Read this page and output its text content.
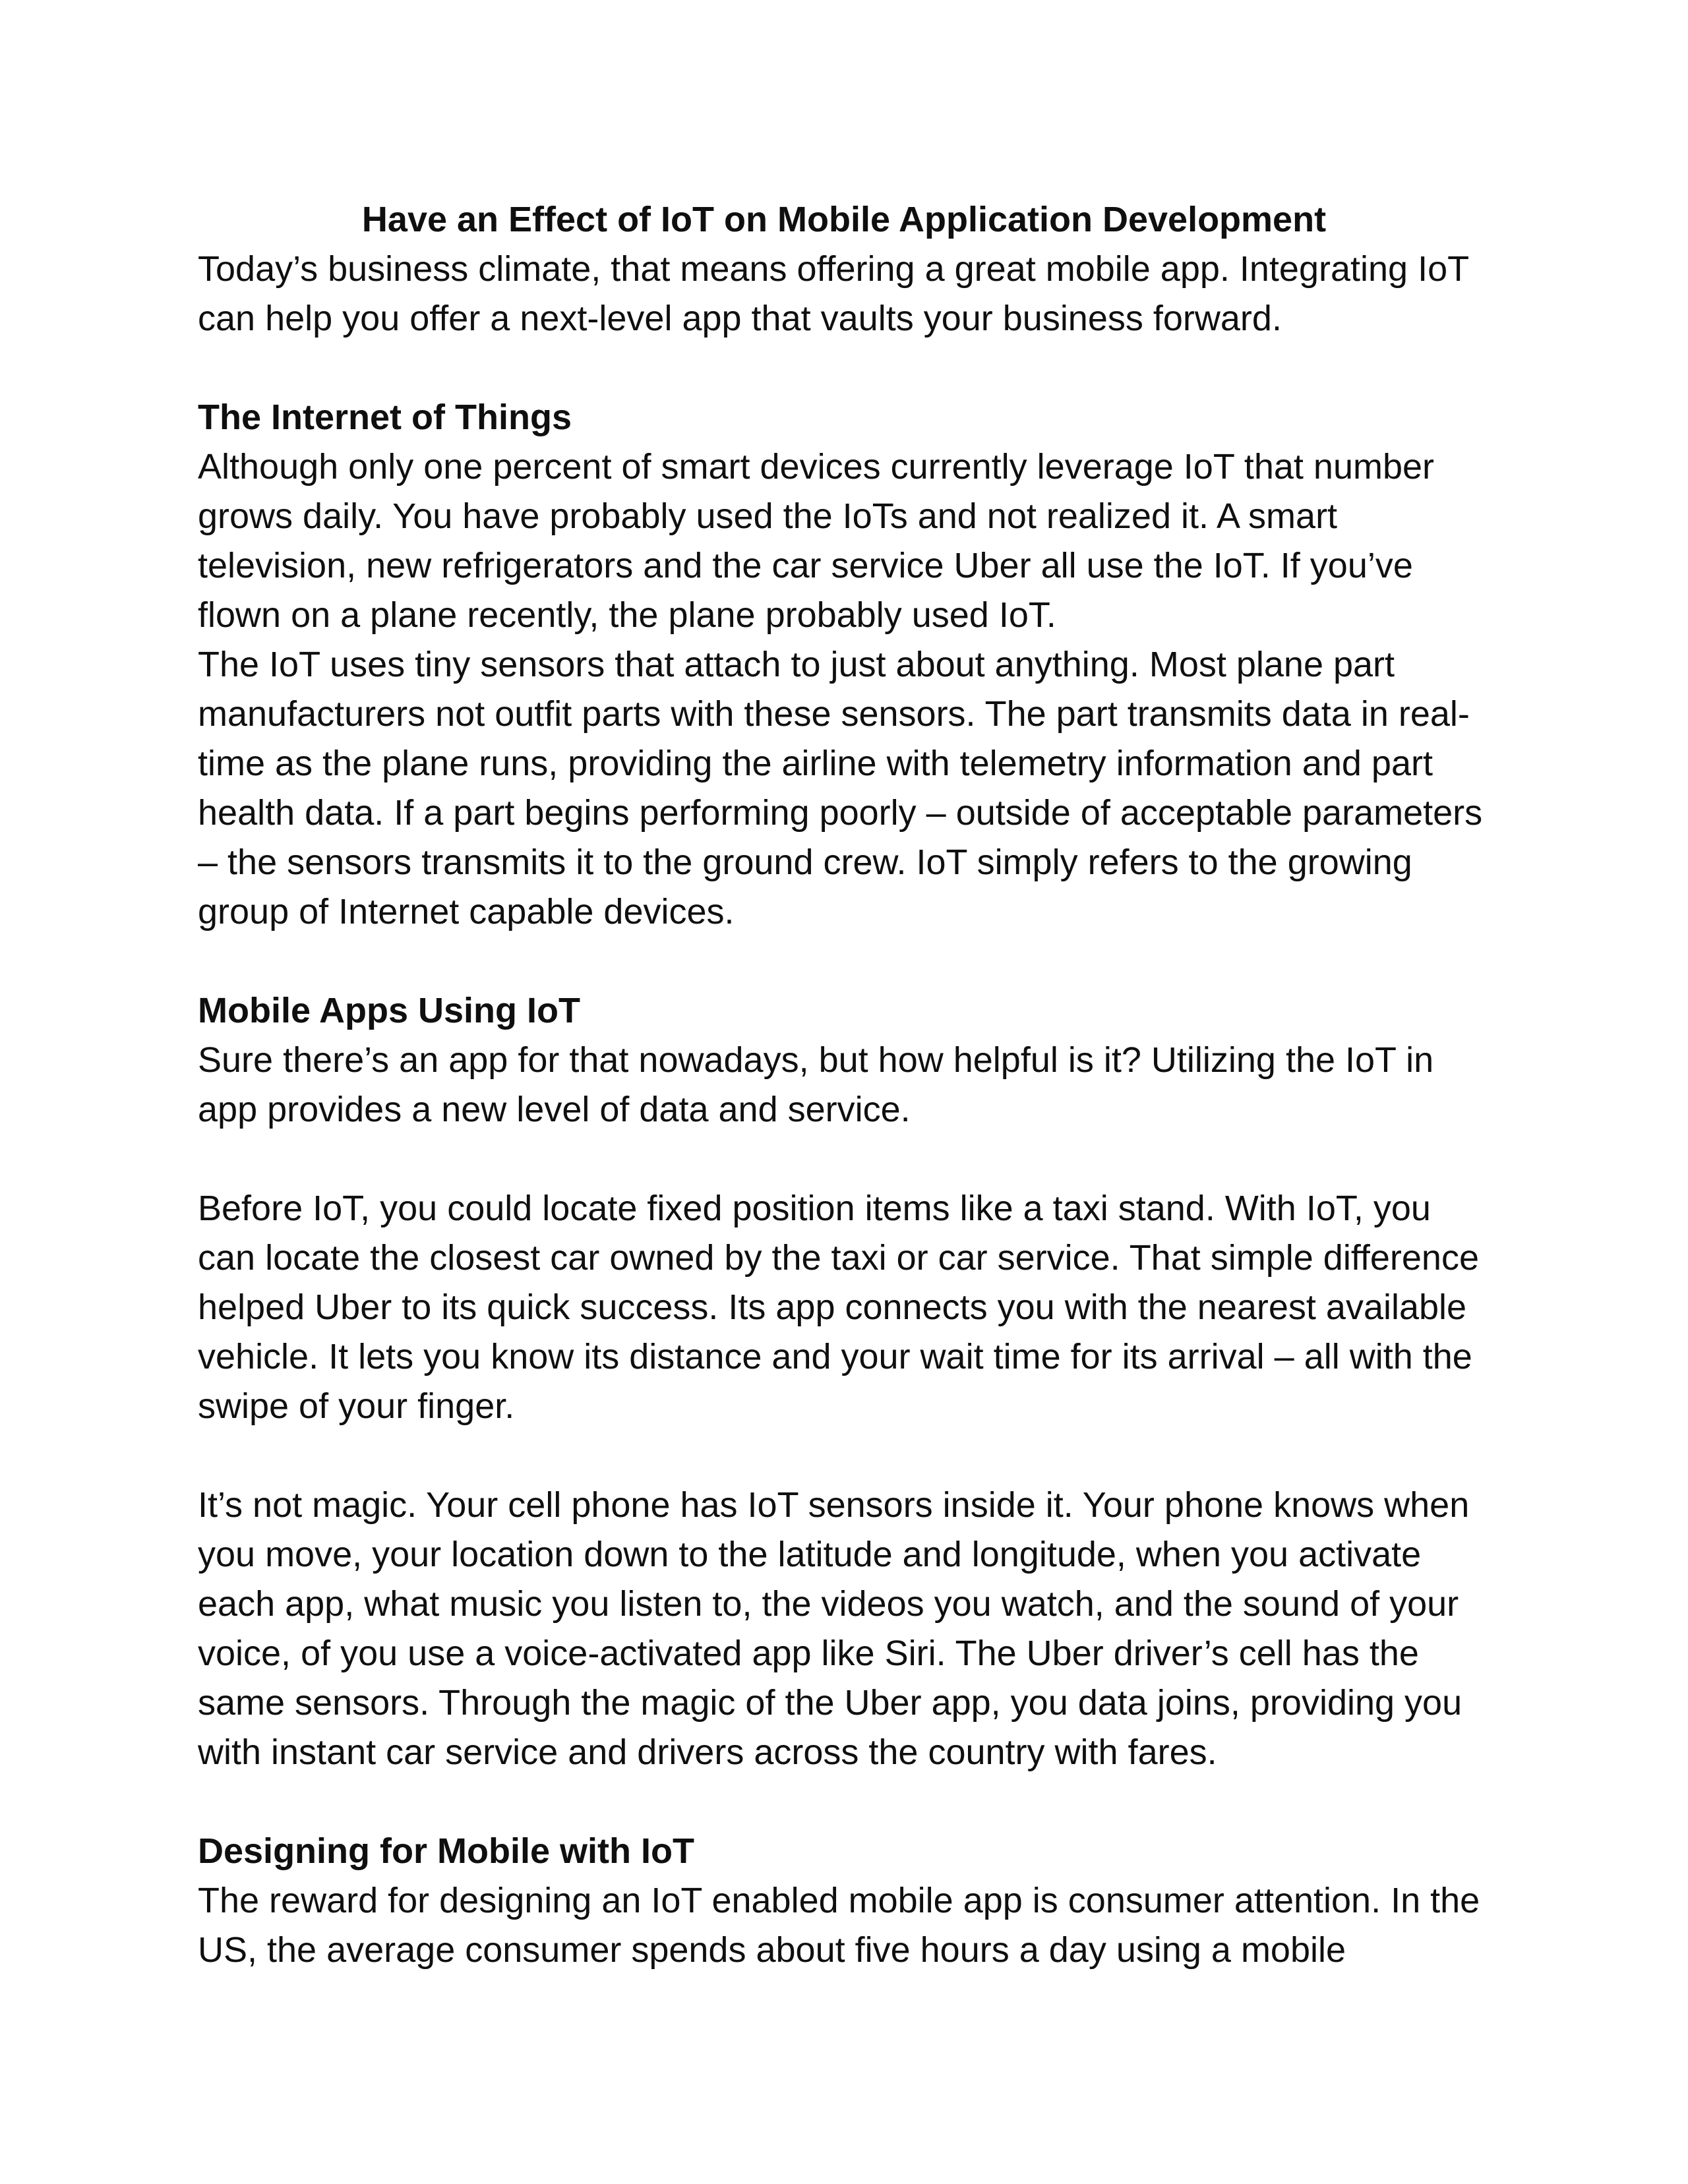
Have an Effect of IoT on Mobile Application Development

Today’s business climate, that means offering a great mobile app. Integrating IoT can help you offer a next-level app that vaults your business forward.

The Internet of Things

Although only one percent of smart devices currently leverage IoT that number grows daily. You have probably used the IoTs and not realized it. A smart television, new refrigerators and the car service Uber all use the IoT. If you’ve flown on a plane recently, the plane probably used IoT.

The IoT uses tiny sensors that attach to just about anything. Most plane part manufacturers not outfit parts with these sensors. The part transmits data in real-time as the plane runs, providing the airline with telemetry information and part health data. If a part begins performing poorly – outside of acceptable parameters – the sensors transmits it to the ground crew. IoT simply refers to the growing group of Internet capable devices.

Mobile Apps Using IoT

Sure there’s an app for that nowadays, but how helpful is it? Utilizing the IoT in app provides a new level of data and service.

Before IoT, you could locate fixed position items like a taxi stand. With IoT, you can locate the closest car owned by the taxi or car service. That simple difference helped Uber to its quick success. Its app connects you with the nearest available vehicle. It lets you know its distance and your wait time for its arrival – all with the swipe of your finger.

It’s not magic. Your cell phone has IoT sensors inside it. Your phone knows when you move, your location down to the latitude and longitude, when you activate each app, what music you listen to, the videos you watch, and the sound of your voice, of you use a voice-activated app like Siri. The Uber driver’s cell has the same sensors. Through the magic of the Uber app, you data joins, providing you with instant car service and drivers across the country with fares.

Designing for Mobile with IoT

The reward for designing an IoT enabled mobile app is consumer attention. In the US, the average consumer spends about five hours a day using a mobile
